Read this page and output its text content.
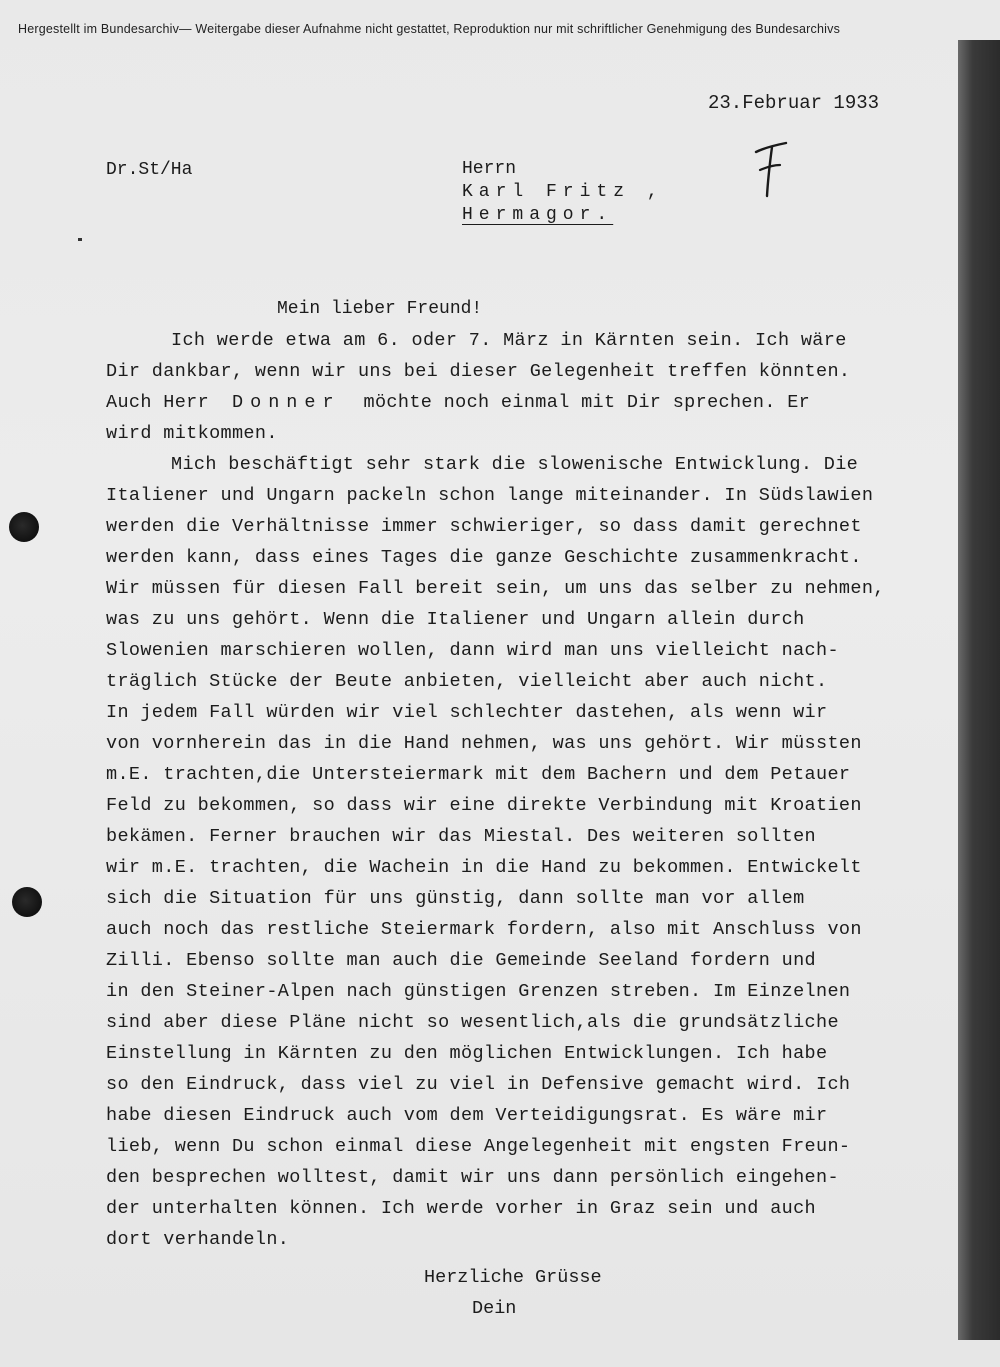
Hergestellt im Bundesarchiv— Weitergabe dieser Aufnahme nicht gestattet, Reproduktion nur mit schriftlicher Genehmigung des Bundesarchivs
23.Februar 1933
Dr.St/Ha	Herrn
Karl Fritz ,
Hermagor.
Mein lieber Freund!
Ich werde etwa am 6. oder 7. März in Kärnten sein. Ich wäre
Dir dankbar, wenn wir uns bei dieser Gelegenheit treffen könnten.
Auch Herr Donner möchte noch einmal mit Dir sprechen. Er
wird mitkommen.
Mich beschäftigt sehr stark die slowenische Entwicklung. Die
Italiener und Ungarn packeln schon lange miteinander. In Südslawien
werden die Verhältnisse immer schwieriger, so dass damit gerechnet
werden kann, dass eines Tages die ganze Geschichte zusammenkracht.
Wir müssen für diesen Fall bereit sein, um uns das selber zu nehmen,
was zu uns gehört. Wenn die Italiener und Ungarn allein durch
Slowenien marschieren wollen, dann wird man uns vielleicht nach-
träglich Stücke der Beute anbieten, vielleicht aber auch nicht.
In jedem Fall würden wir viel schlechter dastehen, als wenn wir
von vornherein das in die Hand nehmen, was uns gehört. Wir müssten
m.E. trachten,die Untersteiermark mit dem Bachern und dem Petauer
Feld zu bekommen, so dass wir eine direkte Verbindung mit Kroatien
bekämen. Ferner brauchen wir das Miestal. Des weiteren sollten
wir m.E. trachten, die Wachein in die Hand zu bekommen. Entwickelt
sich die Situation für uns günstig, dann sollte man vor allem
auch noch das restliche Steiermark fordern, also mit Anschluss von
Zilli. Ebenso sollte man auch die Gemeinde Seeland fordern und
in den Steiner-Alpen nach günstigen Grenzen streben. Im Einzelnen
sind aber diese Pläne nicht so wesentlich,als die grundsätzliche
Einstellung in Kärnten zu den möglichen Entwicklungen. Ich habe
so den Eindruck, dass viel zu viel in Defensive gemacht wird. Ich
habe diesen Eindruck auch vom dem Verteidigungsrat. Es wäre mir
lieb, wenn Du schon einmal diese Angelegenheit mit engsten Freun-
den besprechen wolltest, damit wir uns dann persönlich eingehen-
der unterhalten können. Ich werde vorher in Graz sein und auch
dort verhandeln.
Herzliche Grüsse
Dein
